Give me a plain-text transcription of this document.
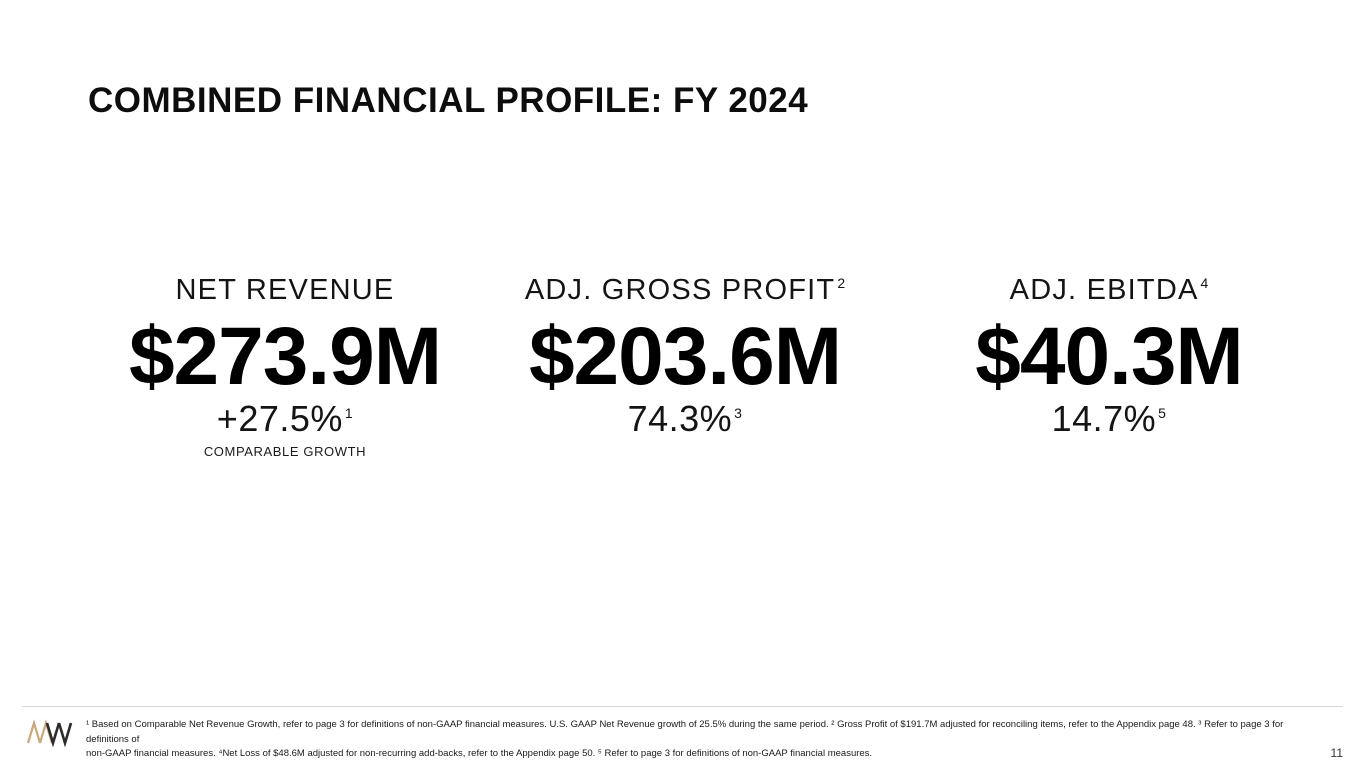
COMBINED FINANCIAL PROFILE: FY 2024
NET REVENUE
$273.9M
+27.5% $^1$
COMPARABLE GROWTH
ADJ. GROSS PROFIT $^2$
$203.6M
74.3% $^3$
ADJ. EBITDA $^4$
$40.3M
14.7% $^5$
¹ Based on Comparable Net Revenue Growth, refer to page 3 for definitions of non-GAAP financial measures. U.S. GAAP Net Revenue growth of 25.5% during the same period. ² Gross Profit of $191.7M adjusted for reconciling items, refer to the Appendix page 48. ³ Refer to page 3 for definitions of
non-GAAP financial measures. ⁴Net Loss of $48.6M adjusted for non-recurring add-backs, refer to the Appendix page 50. ⁵ Refer to page 3 for definitions of non-GAAP financial measures.	11
